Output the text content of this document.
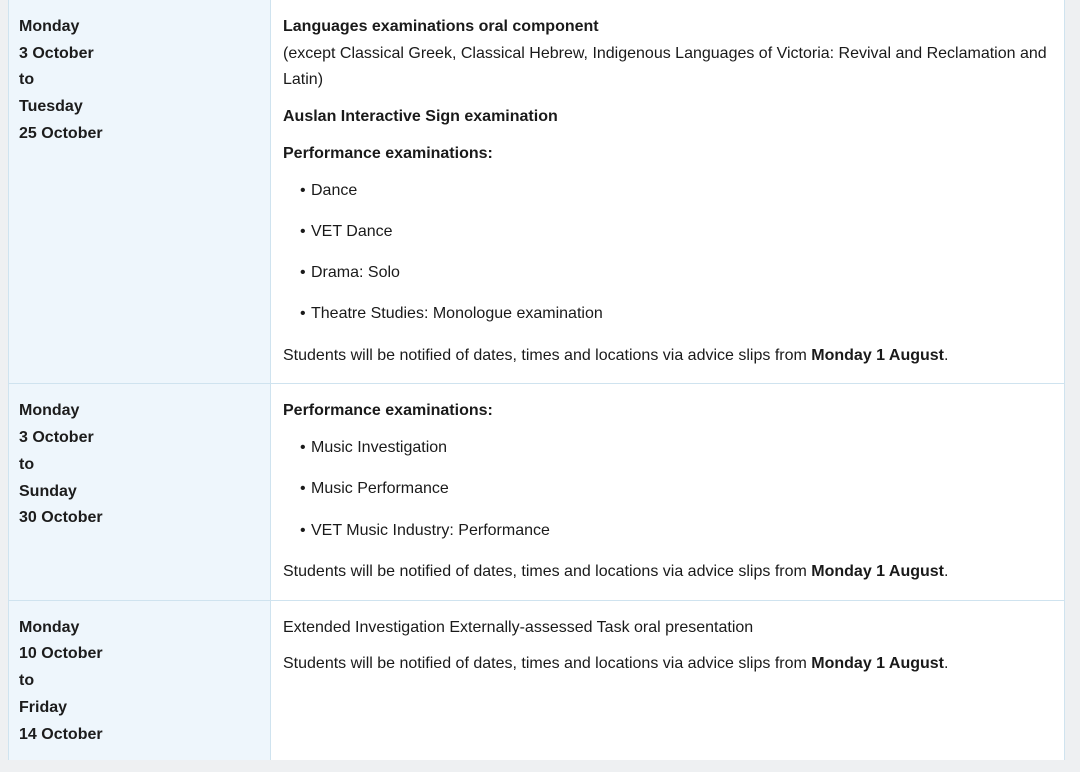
Monday
3 October
to
Tuesday
25 October

Languages examinations oral component

(except Classical Greek, Classical Hebrew, Indigenous Languages of Victoria: Revival and Reclamation and Latin)

Auslan Interactive Sign examination

Performance examinations:

• Dance
• VET Dance
• Drama: Solo
• Theatre Studies: Monologue examination

Students will be notified of dates, times and locations via advice slips from Monday 1 August.

Monday
3 October
to
Sunday
30 October

Performance examinations:

• Music Investigation
• Music Performance
• VET Music Industry: Performance

Students will be notified of dates, times and locations via advice slips from Monday 1 August.

Monday
10 October
to
Friday
14 October

Extended Investigation Externally-assessed Task oral presentation

Students will be notified of dates, times and locations via advice slips from Monday 1 August.
